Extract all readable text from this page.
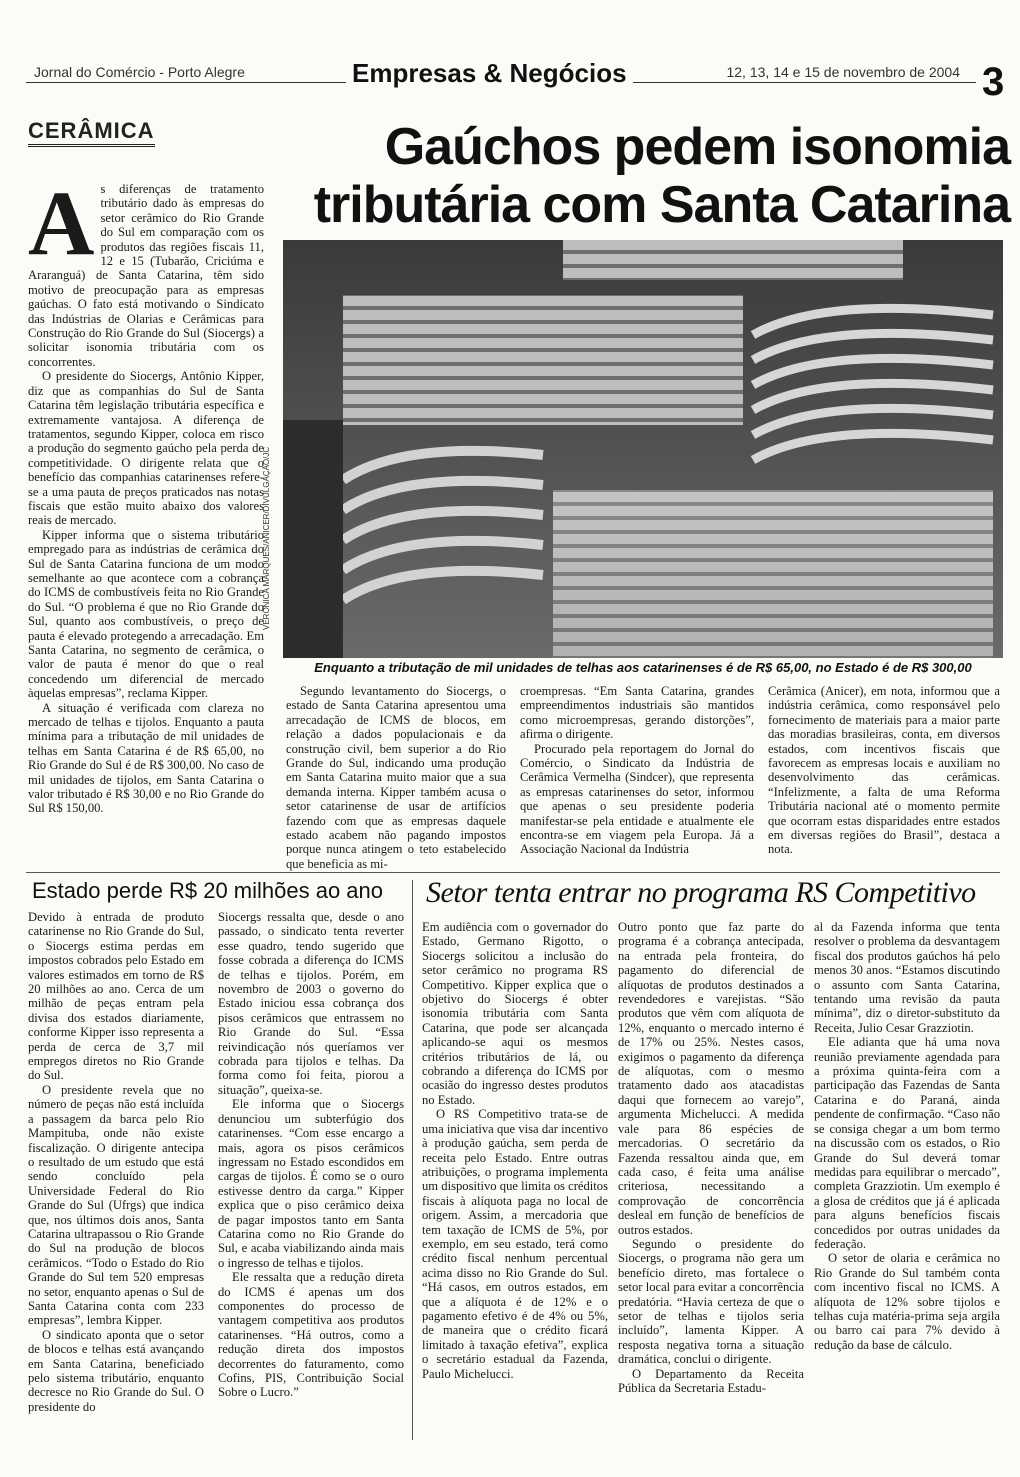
Jornal do Comércio - Porto Alegre	Empresas & Negócios	12, 13, 14 e 15 de novembro de 2004 3
CERÂMICA	Gaúchos pedem isonomia
tributária com Santa Catarina
VERÔNICA MARQUES/ANICER/DIVULGAÇÃO/JC
Enquanto a tributação de mil unidades de telhas aos catarinenses é de R$ 65,00, no Estado é de R$ 300,00

As diferenças de tratamento tributário dado às empresas do setor cerâmico do Rio Grande do Sul em comparação com os produtos das regiões fiscais 11, 12 e 15 (Tubarão, Criciúma e Araranguá) de Santa Catarina, têm sido motivo de preocupação para as empresas gaúchas. O fato está motivando o Sindicato das Indústrias de Olarias e Cerâmicas para Construção do Rio Grande do Sul (Siocergs) a solicitar isonomia tributária com os concorrentes.

O presidente do Siocergs, Antônio Kipper, diz que as companhias do Sul de Santa Catarina têm legislação tributária específica e extremamente vantajosa. A diferença de tratamentos, segundo Kipper, coloca em risco a produção do segmento gaúcho pela perda de competitividade. O dirigente relata que o benefício das companhias catarinenses refere-se a uma pauta de preços praticados nas notas fiscais que estão muito abaixo dos valores reais de mercado.

Kipper informa que o sistema tributário empregado para as indústrias de cerâmica do Sul de Santa Catarina funciona de um modo semelhante ao que acontece com a cobrança do ICMS de combustíveis feita no Rio Grande do Sul. “O problema é que no Rio Grande do Sul, quanto aos combustíveis, o preço de pauta é elevado protegendo a arrecadação. Em Santa Catarina, no segmento de cerâmica, o valor de pauta é menor do que o real concedendo um diferencial de mercado àquelas empresas”, reclama Kipper.

A situação é verificada com clareza no mercado de telhas e tijolos. Enquanto a pauta mínima para a tributação de mil unidades de telhas em Santa Catarina é de R$ 65,00, no Rio Grande do Sul é de R$ 300,00. No caso de mil unidades de tijolos, em Santa Catarina o valor tributado é R$ 30,00 e no Rio Grande do Sul R$ 150,00.

Segundo levantamento do Siocergs, o estado de Santa Catarina apresentou uma arrecadação de ICMS de blocos, em relação a dados populacionais e da construção civil, bem superior a do Rio Grande do Sul, indicando uma produção em Santa Catarina muito maior que a sua demanda interna. Kipper também acusa o setor catarinense de usar de artifícios fazendo com que as empresas daquele estado acabem não pagando impostos porque nunca atingem o teto estabelecido que beneficia as mi-

croempresas. “Em Santa Catarina, grandes empreendimentos industriais são mantidos como microempresas, gerando distorções”, afirma o dirigente.

Procurado pela reportagem do Jornal do Comércio, o Sindicato da Indústria de Cerâmica Vermelha (Sindcer), que representa as empresas catarinenses do setor, informou que apenas o seu presidente poderia manifestar-se pela entidade e atualmente ele encontra-se em viagem pela Europa. Já a Associação Nacional da Indústria

Cerâmica (Anicer), em nota, informou que a indústria cerâmica, como responsável pelo fornecimento de materiais para a maior parte das moradias brasileiras, conta, em diversos estados, com incentivos fiscais que favorecem as empresas locais e auxiliam no desenvolvimento das cerâmicas. “Infelizmente, a falta de uma Reforma Tributária nacional até o momento permite que ocorram estas disparidades entre estados em diversas regiões do Brasil”, destaca a nota.

Estado perde R$ 20 milhões ao ano

Devido à entrada de produto catarinense no Rio Grande do Sul, o Siocergs estima perdas em impostos cobrados pelo Estado em valores estimados em torno de R$ 20 milhões ao ano. Cerca de um milhão de peças entram pela divisa dos estados diariamente, conforme Kipper isso representa a perda de cerca de 3,7 mil empregos diretos no Rio Grande do Sul.

O presidente revela que no número de peças não está incluída a passagem da barca pelo Rio Mampituba, onde não existe fiscalização. O dirigente antecipa o resultado de um estudo que está sendo concluído pela Universidade Federal do Rio Grande do Sul (Ufrgs) que indica que, nos últimos dois anos, Santa Catarina ultrapassou o Rio Grande do Sul na produção de blocos cerâmicos. “Todo o Estado do Rio Grande do Sul tem 520 empresas no setor, enquanto apenas o Sul de Santa Catarina conta com 233 empresas”, lembra Kipper.

O sindicato aponta que o setor de blocos e telhas está avançando em Santa Catarina, beneficiado pelo sistema tributário, enquanto decresce no Rio Grande do Sul. O presidente do

Siocergs ressalta que, desde o ano passado, o sindicato tenta reverter esse quadro, tendo sugerido que fosse cobrada a diferença do ICMS de telhas e tijolos. Porém, em novembro de 2003 o governo do Estado iniciou essa cobrança dos pisos cerâmicos que entrassem no Rio Grande do Sul. “Essa reivindicação nós queríamos ver cobrada para tijolos e telhas. Da forma como foi feita, piorou a situação”, queixa-se.

Ele informa que o Siocergs denunciou um subterfúgio dos catarinenses. “Com esse encargo a mais, agora os pisos cerâmicos ingressam no Estado escondidos em cargas de tijolos. É como se o ouro estivesse dentro da carga.” Kipper explica que o piso cerâmico deixa de pagar impostos tanto em Santa Catarina como no Rio Grande do Sul, e acaba viabilizando ainda mais o ingresso de telhas e tijolos.

Ele ressalta que a redução direta do ICMS é apenas um dos componentes do processo de vantagem competitiva aos produtos catarinenses. “Há outros, como a redução direta dos impostos decorrentes do faturamento, como Cofins, PIS, Contribuição Social Sobre o Lucro.”

Setor tenta entrar no programa RS Competitivo

Em audiência com o governador do Estado, Germano Rigotto, o Siocergs solicitou a inclusão do setor cerâmico no programa RS Competitivo. Kipper explica que o objetivo do Siocergs é obter isonomia tributária com Santa Catarina, que pode ser alcançada aplicando-se aqui os mesmos critérios tributários de lá, ou cobrando a diferença do ICMS por ocasião do ingresso destes produtos no Estado.

O RS Competitivo trata-se de uma iniciativa que visa dar incentivo à produção gaúcha, sem perda de receita pelo Estado. Entre outras atribuições, o programa implementa um dispositivo que limita os créditos fiscais à alíquota paga no local de origem. Assim, a mercadoria que tem taxação de ICMS de 5%, por exemplo, em seu estado, terá como crédito fiscal nenhum percentual acima disso no Rio Grande do Sul. “Há casos, em outros estados, em que a alíquota é de 12% e o pagamento efetivo é de 4% ou 5%, de maneira que o crédito ficará limitado à taxação efetiva”, explica o secretário estadual da Fazenda, Paulo Michelucci.

Outro ponto que faz parte do programa é a cobrança antecipada, na entrada pela fronteira, do pagamento do diferencial de alíquotas de produtos destinados a revendedores e varejistas. “São produtos que vêm com alíquota de 12%, enquanto o mercado interno é de 17% ou 25%. Nestes casos, exigimos o pagamento da diferença de alíquotas, com o mesmo tratamento dado aos atacadistas daqui que fornecem ao varejo”, argumenta Michelucci. A medida vale para 86 espécies de mercadorias. O secretário da Fazenda ressaltou ainda que, em cada caso, é feita uma análise criteriosa, necessitando a comprovação de concorrência desleal em função de benefícios de outros estados.

Segundo o presidente do Siocergs, o programa não gera um benefício direto, mas fortalece o setor local para evitar a concorrência predatória. “Havia certeza de que o setor de telhas e tijolos seria incluído”, lamenta Kipper. A resposta negativa torna a situação dramática, conclui o dirigente.

O Departamento da Receita Pública da Secretaria Estadu-

al da Fazenda informa que tenta resolver o problema da desvantagem fiscal dos produtos gaúchos há pelo menos 30 anos. “Estamos discutindo o assunto com Santa Catarina, tentando uma revisão da pauta mínima”, diz o diretor-substituto da Receita, Julio Cesar Grazziotin.

Ele adianta que há uma nova reunião previamente agendada para a próxima quinta-feira com a participação das Fazendas de Santa Catarina e do Paraná, ainda pendente de confirmação. “Caso não se consiga chegar a um bom termo na discussão com os estados, o Rio Grande do Sul deverá tomar medidas para equilibrar o mercado”, completa Grazziotin. Um exemplo é a glosa de créditos que já é aplicada para alguns benefícios fiscais concedidos por outras unidades da federação.

O setor de olaria e cerâmica no Rio Grande do Sul também conta com incentivo fiscal no ICMS. A alíquota de 12% sobre tijolos e telhas cuja matéria-prima seja argila ou barro cai para 7% devido à redução da base de cálculo.
